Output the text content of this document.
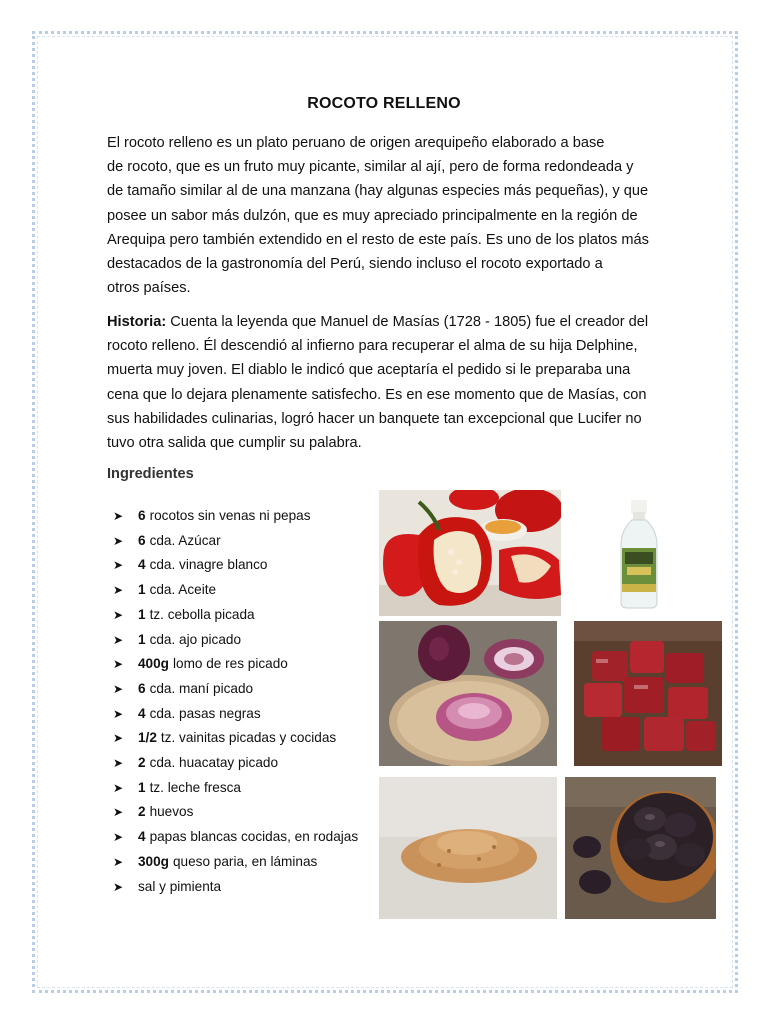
ROCOTO RELLENO
El rocoto relleno es un plato peruano de origen arequipeño elaborado a base
de rocoto, que es un fruto muy picante, similar al ají, pero de forma redondeada y
de tamaño similar al de una manzana (hay algunas especies más pequeñas), y que
posee un sabor más dulzón, que es muy apreciado principalmente en la región de
Arequipa pero también extendido en el resto de este país. Es uno de los platos más
destacados de la gastronomía del Perú, siendo incluso el rocoto exportado a
otros países.
Historia: Cuenta la leyenda que Manuel de Masías (1728 - 1805) fue el creador del
rocoto relleno. Él descendió al infierno para recuperar el alma de su hija Delphine,
muerta muy joven. El diablo le indicó que aceptaría el pedido si le preparaba una
cena que lo dejara plenamente satisfecho. Es en ese momento que de Masías, con
sus habilidades culinarias, logró hacer un banquete tan excepcional que Lucifer no
tuvo otra salida que cumplir su palabra.
Ingredientes
➤	6 rocotos sin venas ni pepas
➤	6 cda. Azúcar
➤	4 cda. vinagre blanco
➤	1 cda. Aceite
➤	1 tz. cebolla picada
➤	1 cda. ajo picado
➤	400g lomo de res picado
➤	6 cda. maní picado
➤	4 cda. pasas negras
➤	1/2 tz. vainitas picadas y cocidas
➤	2 cda. huacatay picado
➤	1 tz. leche fresca
➤	2 huevos
➤	4 papas blancas cocidas, en rodajas
➤	300g queso paria, en láminas
➤	sal y pimienta
